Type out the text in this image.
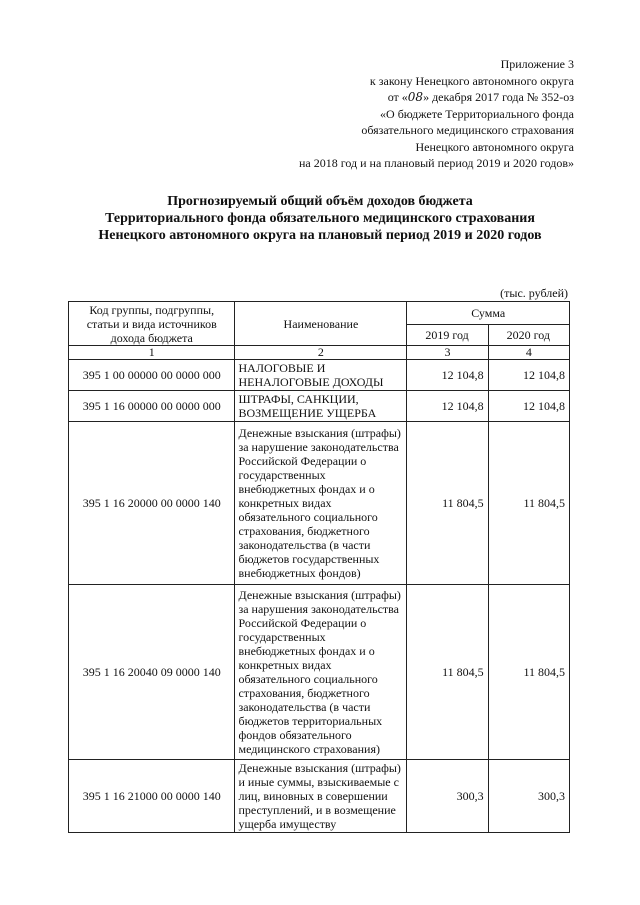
Приложение 3
к закону Ненецкого автономного округа
от «08» декабря 2017 года № 352-оз
«О бюджете Территориального фонда
обязательного медицинского страхования
Ненецкого автономного округа
на 2018 год и на плановый период 2019 и 2020 годов»
Прогнозируемый общий объём доходов бюджета
Территориального фонда обязательного медицинского страхования
Ненецкого автономного округа на плановый период 2019 и 2020 годов
(тыс. рублей)
Код группы, подгруппы, статьи и вида источников дохода бюджета	Наименование	Сумма	
		2019 год	2020 год
1	2	3	4
395 1 00 00000 00 0000 000	НАЛОГОВЫЕ И НЕНАЛОГОВЫЕ ДОХОДЫ	12 104,8	12 104,8
395 1 16 00000 00 0000 000	ШТРАФЫ, САНКЦИИ, ВОЗМЕЩЕНИЕ УЩЕРБА	12 104,8	12 104,8
395 1 16 20000 00 0000 140	Денежные взыскания (штрафы) за нарушение законодательства Российской Федерации о государственных внебюджетных фондах и о конкретных видах обязательного социального страхования, бюджетного законодательства (в части бюджетов государственных внебюджетных фондов)	11 804,5	11 804,5
395 1 16 20040 09 0000 140	Денежные взыскания (штрафы) за нарушения законодательства Российской Федерации о государственных внебюджетных фондах и о конкретных видах обязательного социального страхования, бюджетного законодательства (в части бюджетов территориальных фондов обязательного медицинского страхования)	11 804,5	11 804,5
395 1 16 21000 00 0000 140	Денежные взыскания (штрафы) и иные суммы, взыскиваемые с лиц, виновных в совершении преступлений, и в возмещение ущерба имуществу	300,3	300,3
